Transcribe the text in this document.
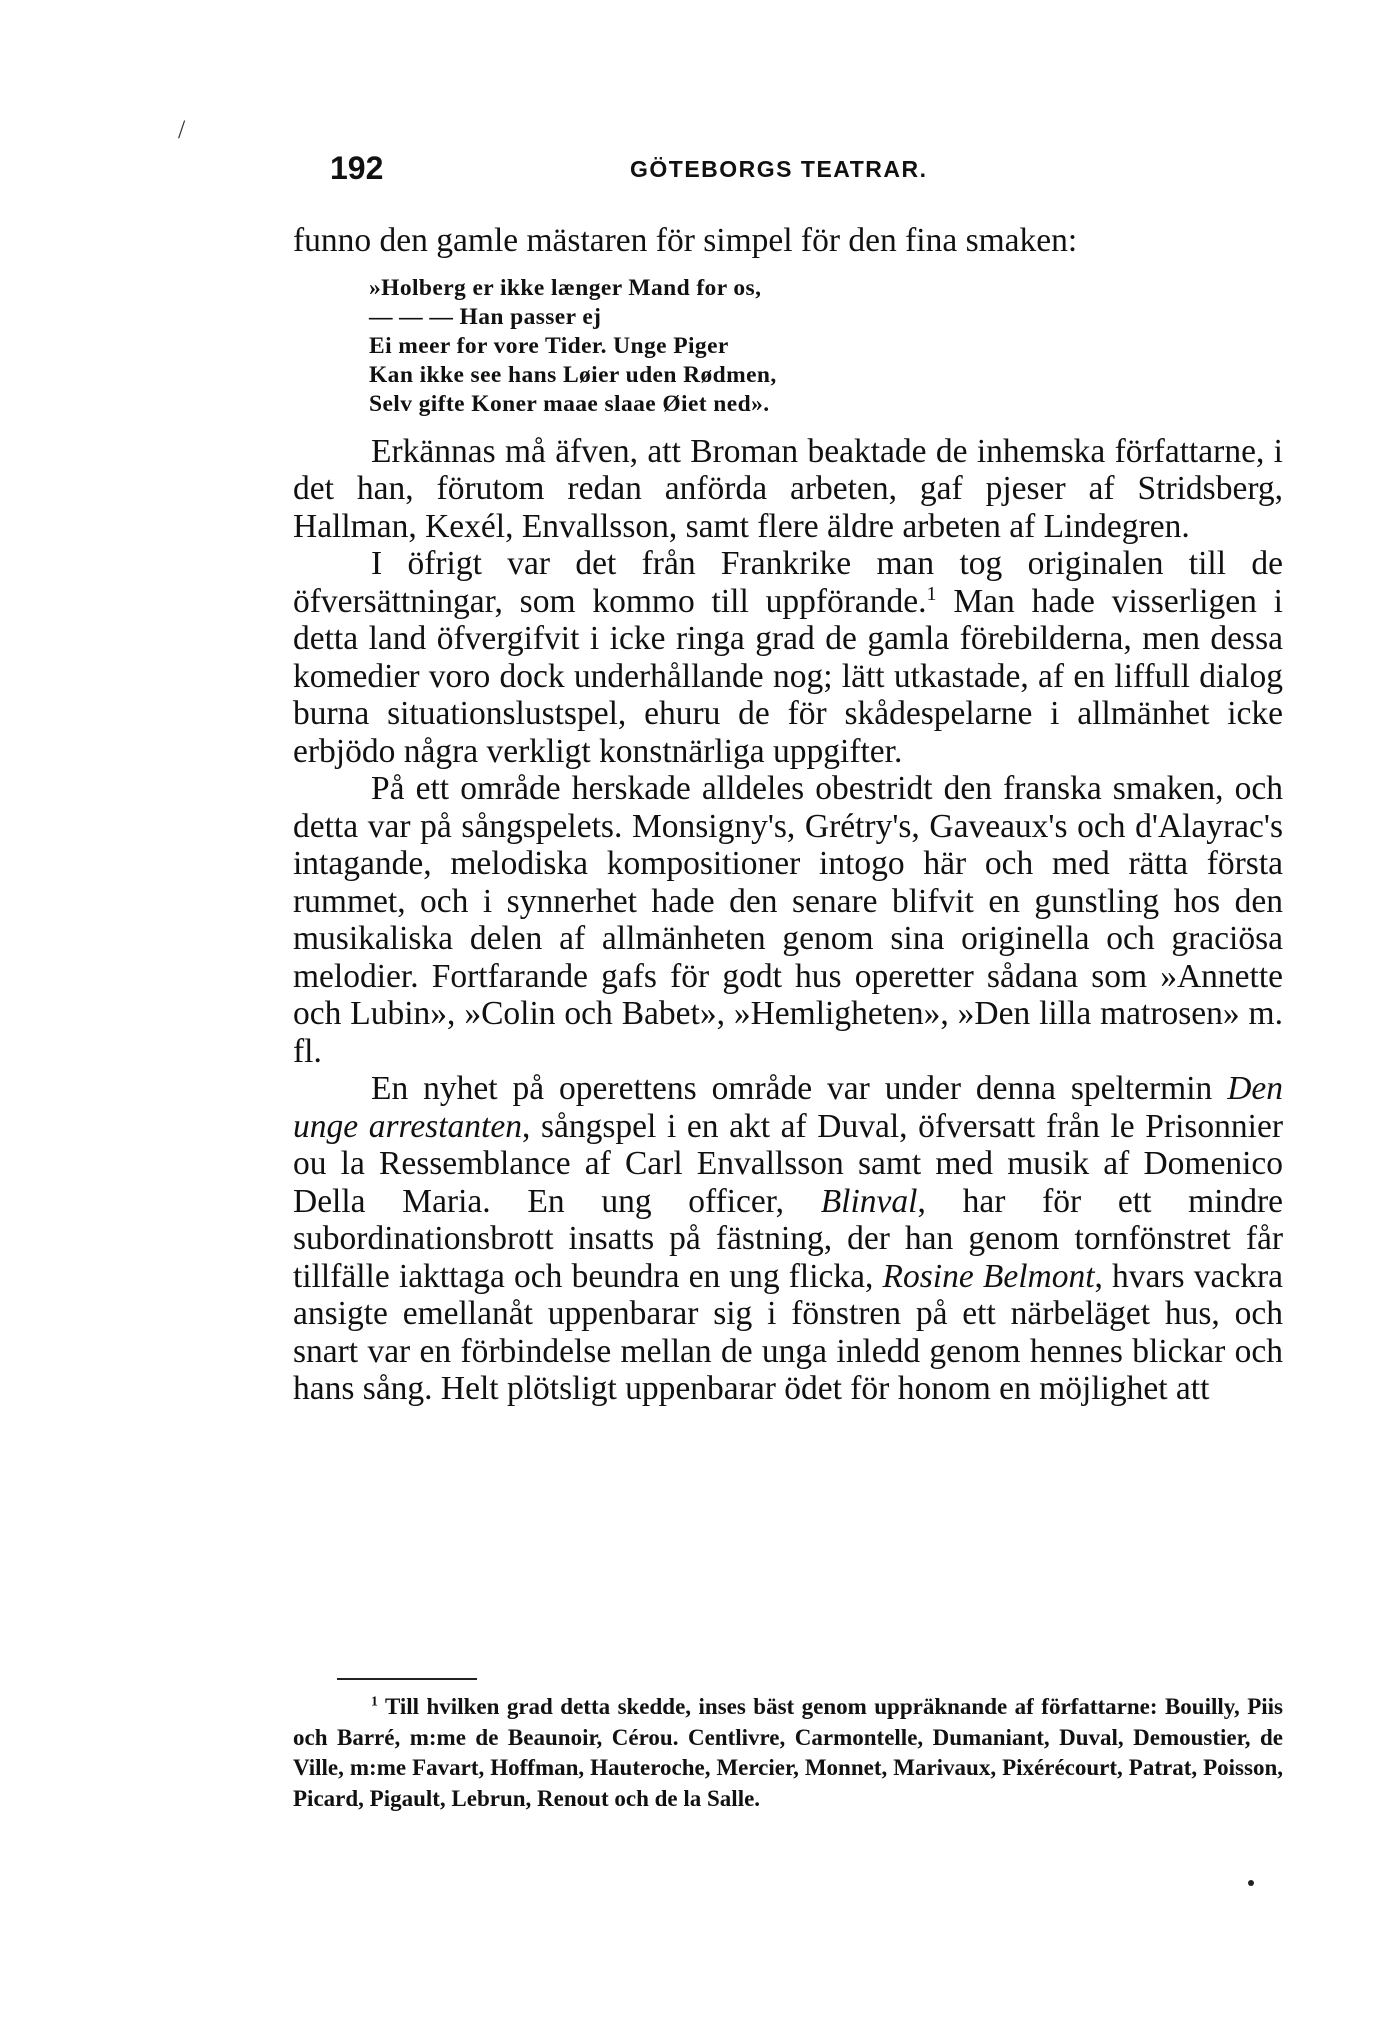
/
192	GÖTEBORGS TEATRAR.

funno den gamle mästaren för simpel för den fina smaken:

»Holberg er ikke længer Mand for os,
— — — Han passer ej
Ei meer for vore Tider. Unge Piger
Kan ikke see hans Løier uden Rødmen,
Selv gifte Koner maae slaae Øiet ned».

Erkännas må äfven, att Broman beaktade de inhemska författarne, i det han, förutom redan anförda arbeten, gaf pjeser af Stridsberg, Hallman, Kexél, Envallsson, samt flere äldre arbeten af Lindegren.

I öfrigt var det från Frankrike man tog originalen till de öfversättningar, som kommo till uppförande.$^1$ Man hade visserligen i detta land öfvergifvit i icke ringa grad de gamla förebilderna, men dessa komedier voro dock underhållande nog; lätt utkastade, af en liffull dialog burna situationslustspel, ehuru de för skådespelarne i allmänhet icke erbjödo några verkligt konstnärliga uppgifter.

På ett område herskade alldeles obestridt den franska smaken, och detta var på sångspelets. Monsigny's, Grétry's, Gaveaux's och d'Alayrac's intagande, melodiska kompositioner intogo här och med rätta första rummet, och i synnerhet hade den senare blifvit en gunstling hos den musikaliska delen af allmänheten genom sina originella och graciösa melodier. Fortfarande gafs för godt hus operetter sådana som »Annette och Lubin», »Colin och Babet», »Hemligheten», »Den lilla matrosen» m. fl.

En nyhet på operettens område var under denna speltermin Den unge arrestanten, sångspel i en akt af Duval, öfversatt från le Prisonnier ou la Ressemblance af Carl Envallsson samt med musik af Domenico Della Maria. En ung officer, Blinval, har för ett mindre subordinationsbrott insatts på fästning, der han genom tornfönstret får tillfälle iakttaga och beundra en ung flicka, Rosine Belmont, hvars vackra ansigte emellanåt uppenbarar sig i fönstren på ett närbeläget hus, och snart var en förbindelse mellan de unga inledd genom hennes blickar och hans sång. Helt plötsligt uppenbarar ödet för honom en möjlighet att

$^1$ Till hvilken grad detta skedde, inses bäst genom uppräknande af författarne: Bouilly, Piis och Barré, m:me de Beaunoir, Cérou. Centlivre, Carmontelle, Dumaniant, Duval, Demoustier, de Ville, m:me Favart, Hoffman, Hauteroche, Mercier, Monnet, Marivaux, Pixérécourt, Patrat, Poisson, Picard, Pigault, Lebrun, Renout och de la Salle.
